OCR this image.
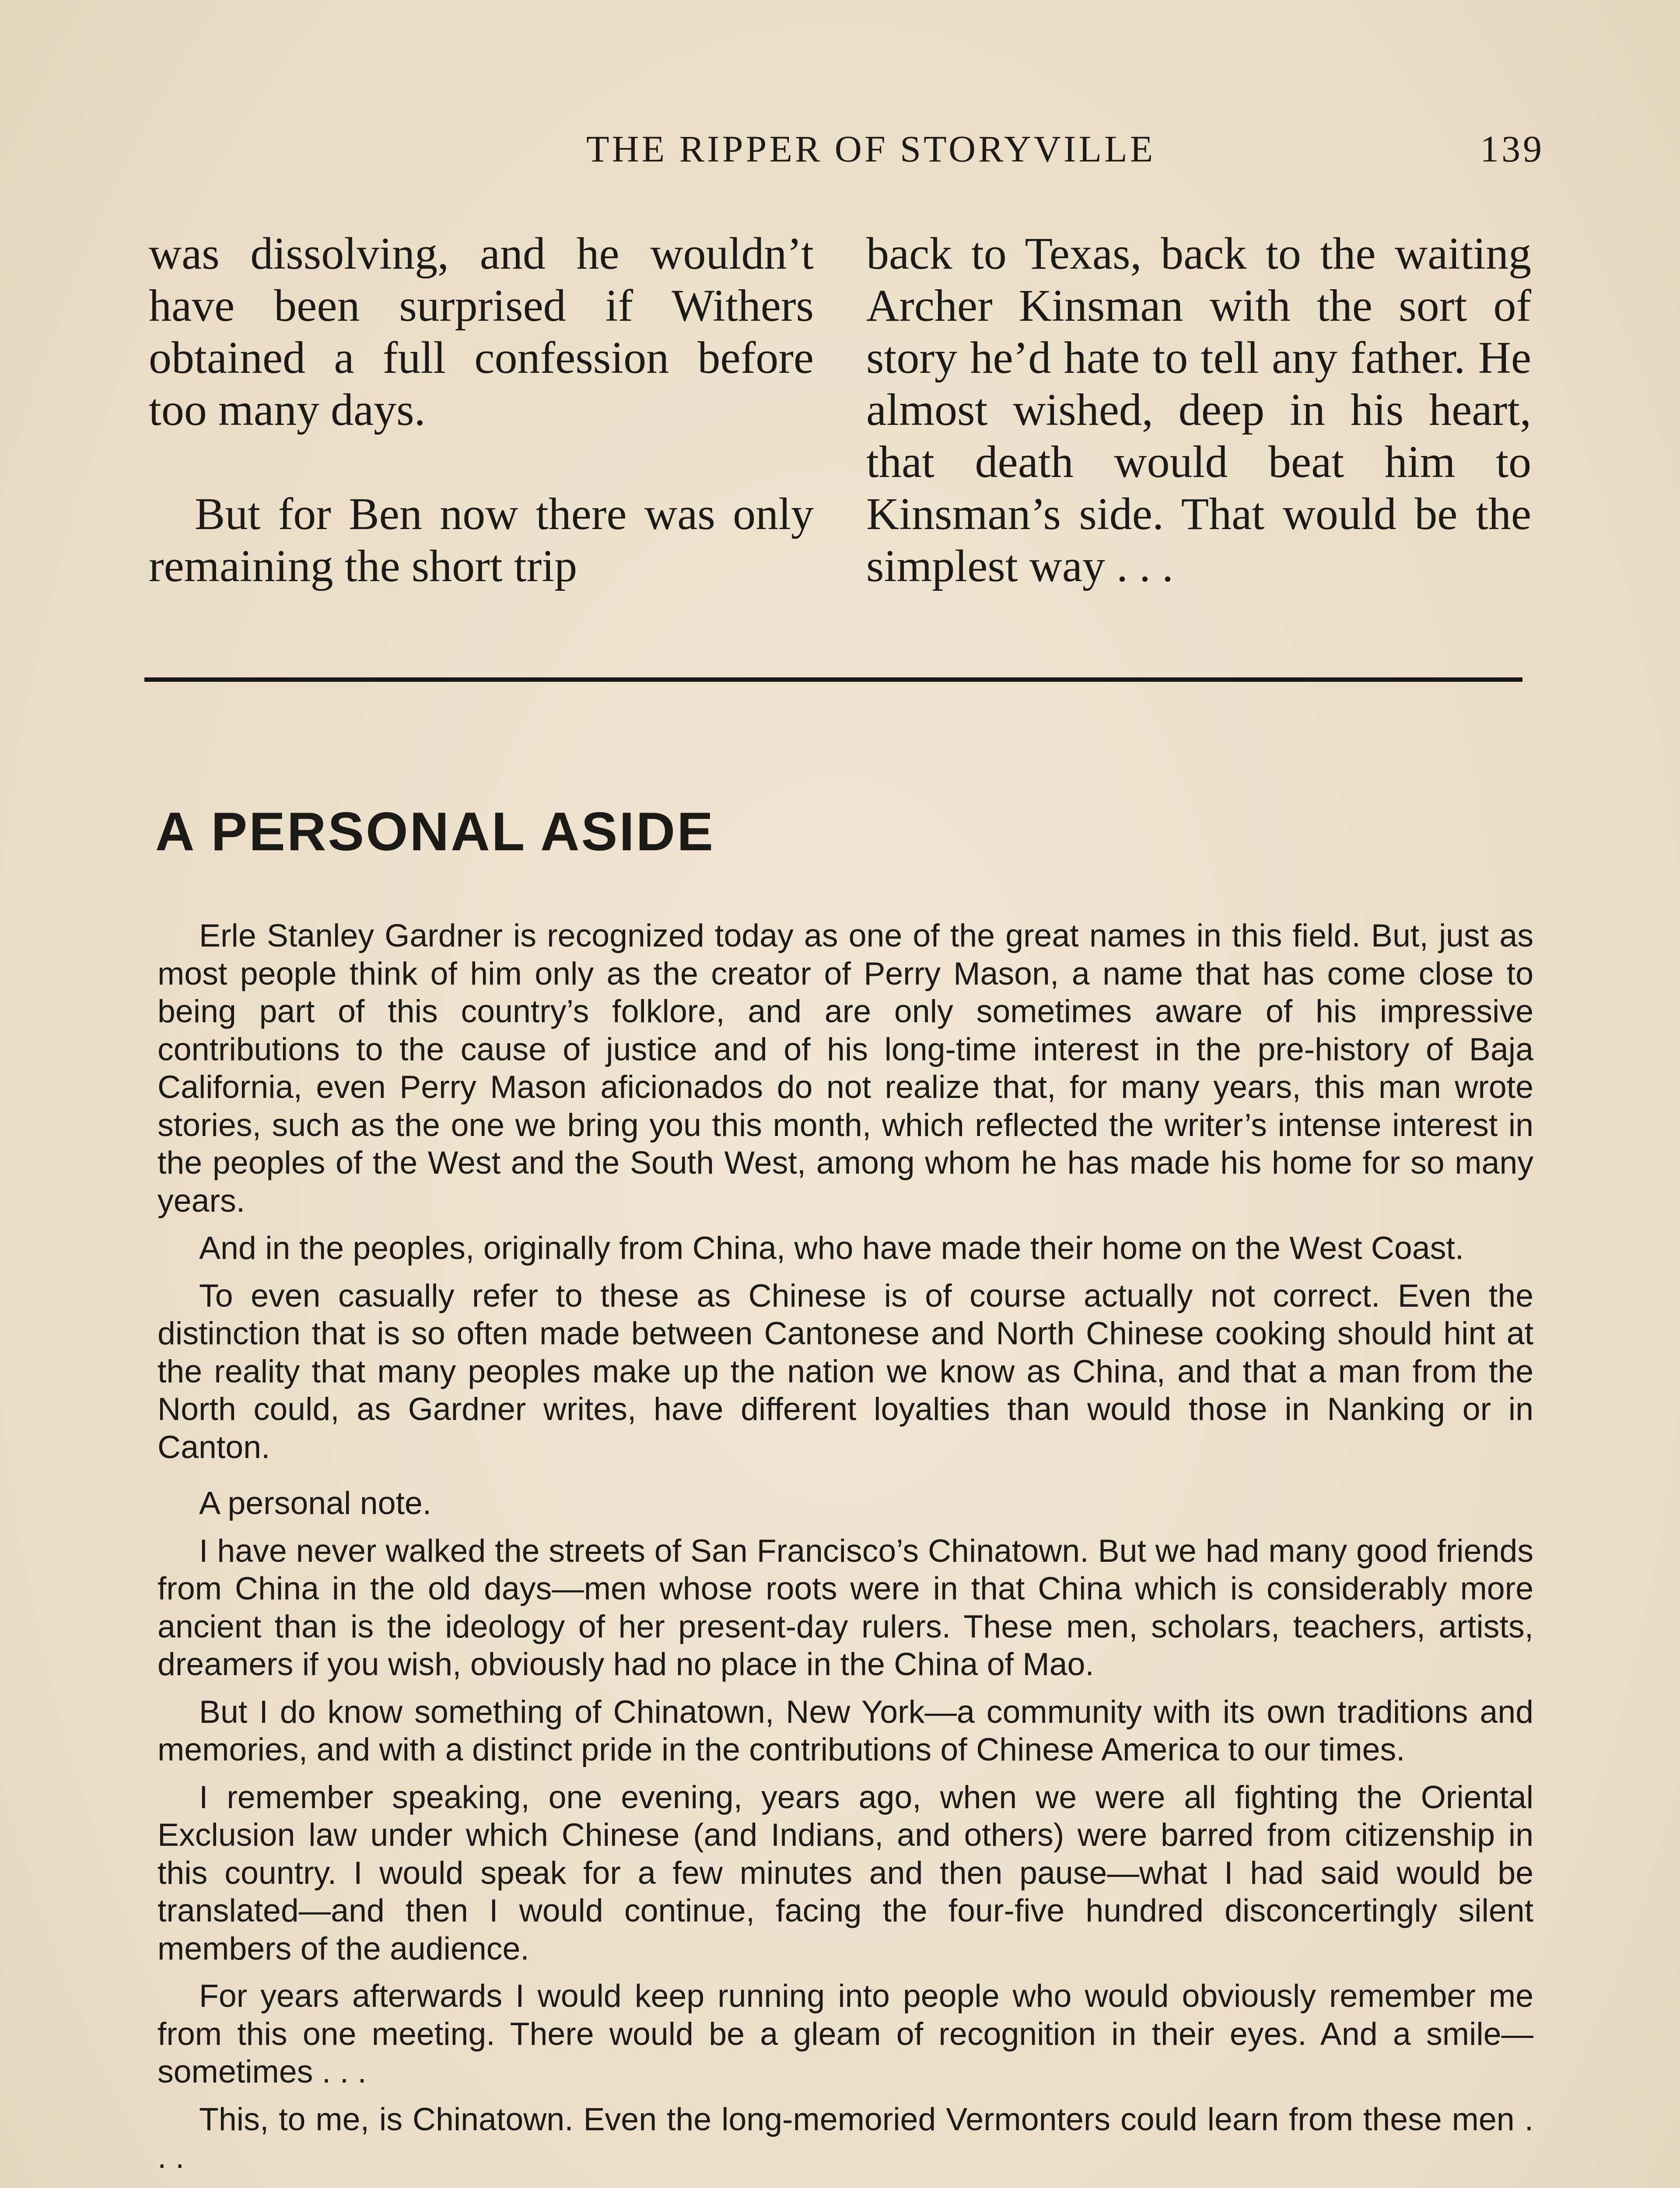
THE RIPPER OF STORYVILLE	139

was dissolving, and he wouldn’t have been surprised if Withers obtained a full confession before too many days.

But for Ben now there was only remaining the short trip

back to Texas, back to the waiting Archer Kinsman with the sort of story he’d hate to tell any father. He almost wished, deep in his heart, that death would beat him to Kinsman’s side. That would be the simplest way . . .

A PERSONAL ASIDE

Erle Stanley Gardner is recognized today as one of the great names in this field. But, just as most people think of him only as the creator of Perry Mason, a name that has come close to being part of this country’s folklore, and are only sometimes aware of his impressive contributions to the cause of justice and of his long-time interest in the pre-history of Baja California, even Perry Mason aficionados do not realize that, for many years, this man wrote stories, such as the one we bring you this month, which reflected the writer’s intense interest in the peoples of the West and the South West, among whom he has made his home for so many years.

And in the peoples, originally from China, who have made their home on the West Coast.

To even casually refer to these as Chinese is of course actually not correct. Even the distinction that is so often made between Cantonese and North Chinese cooking should hint at the reality that many peoples make up the nation we know as China, and that a man from the North could, as Gardner writes, have different loyalties than would those in Nanking or in Canton.

A personal note.

I have never walked the streets of San Francisco’s Chinatown. But we had many good friends from China in the old days—men whose roots were in that China which is considerably more ancient than is the ideology of her present-day rulers. These men, scholars, teachers, artists, dreamers if you wish, obviously had no place in the China of Mao.

But I do know something of Chinatown, New York—a community with its own traditions and memories, and with a distinct pride in the contributions of Chinese America to our times.

I remember speaking, one evening, years ago, when we were all fighting the Oriental Exclusion law under which Chinese (and Indians, and others) were barred from citizenship in this country. I would speak for a few minutes and then pause—what I had said would be translated—and then I would continue, facing the four-five hundred disconcertingly silent members of the audience.

For years afterwards I would keep running into people who would obviously remember me from this one meeting. There would be a gleam of recognition in their eyes. And a smile—sometimes . . .

This, to me, is Chinatown. Even the long-memoried Vermonters could learn from these men . . .
